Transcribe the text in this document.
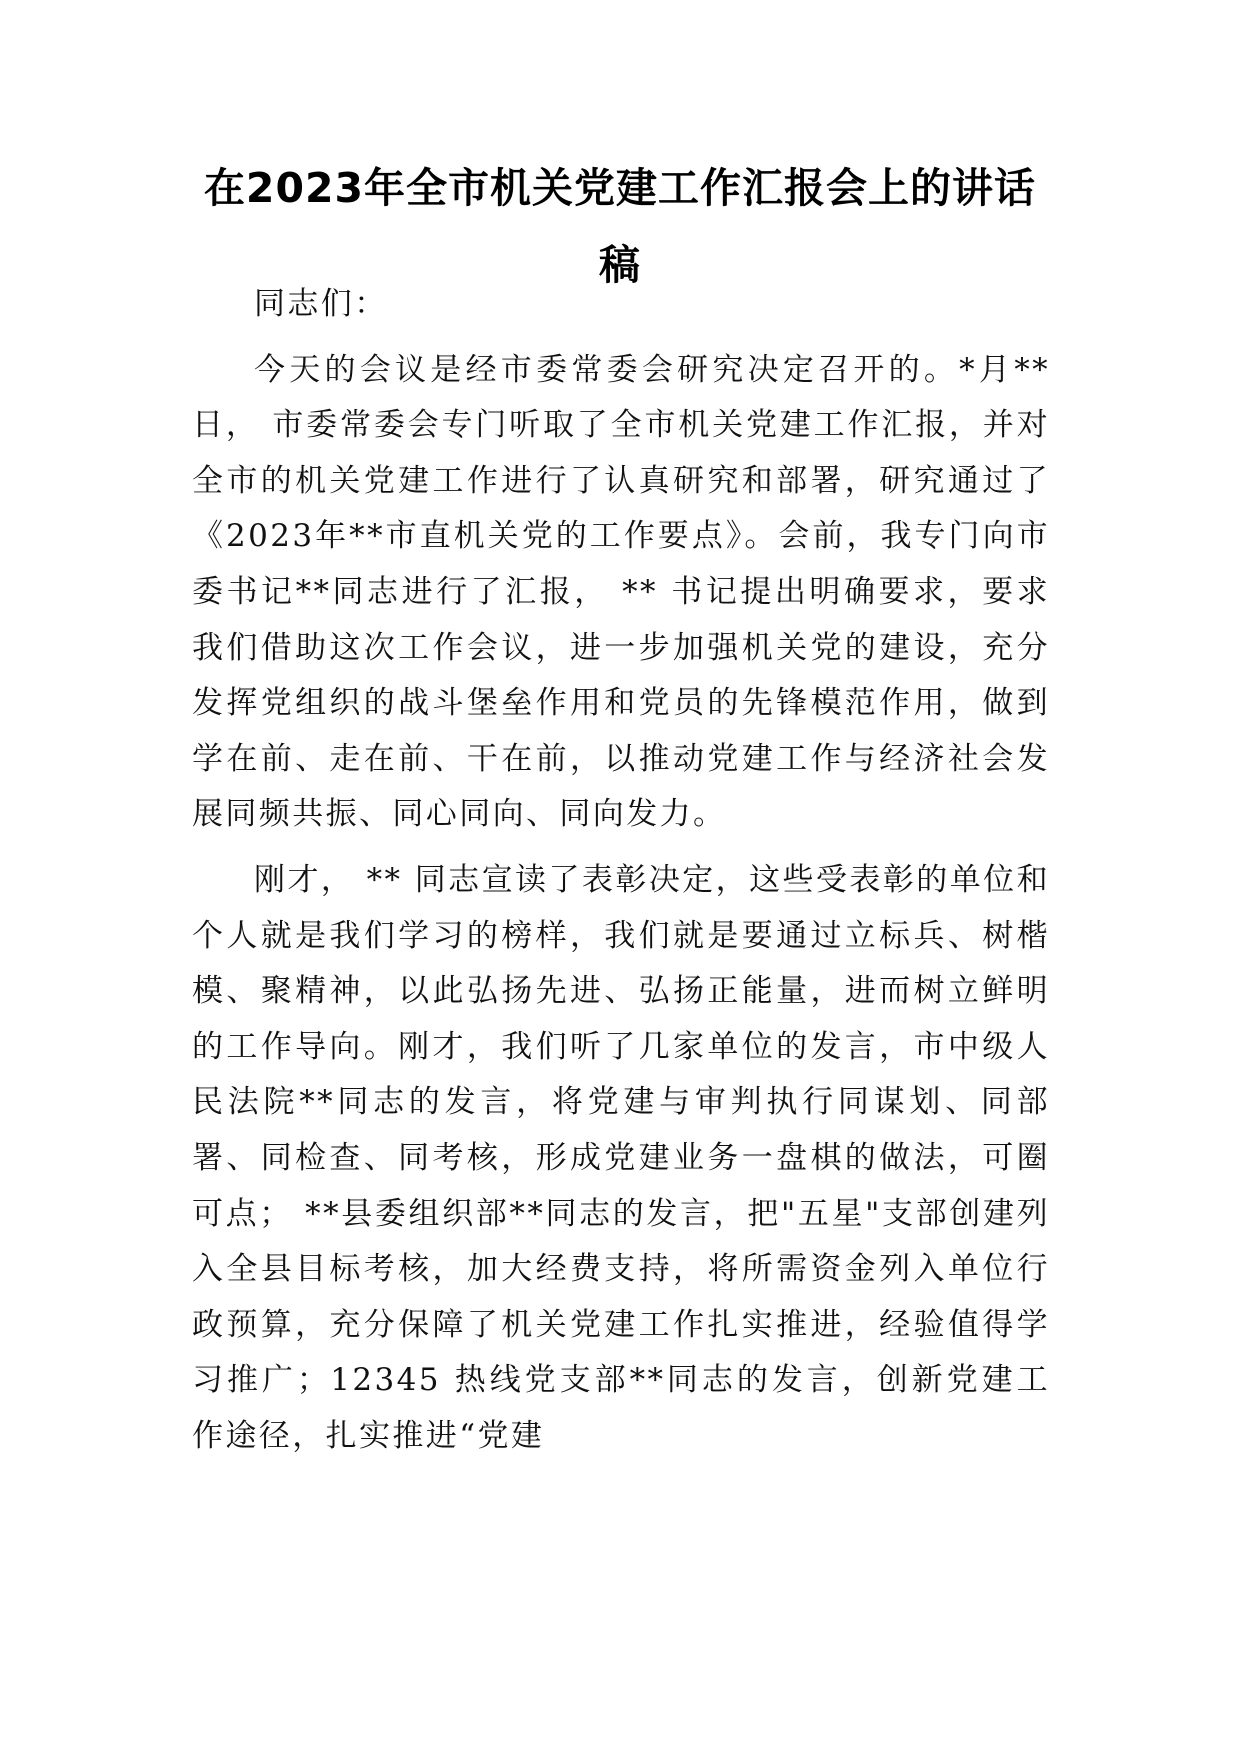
在2023年全市机关党建工作汇报会上的讲话稿

同志们：

今天的会议是经市委常委会研究决定召开的。*月** 日， 市委常委会专门听取了全市机关党建工作汇报，并对全市的机关党建工作进行了认真研究和部署，研究通过了《2023年**市直机关党的工作要点》。会前，我专门向市委书记**同志进行了汇报， ** 书记提出明确要求，要求我们借助这次工作会议，进一步加强机关党的建设，充分发挥党组织的战斗堡垒作用和党员的先锋模范作用，做到学在前、走在前、干在前，以推动党建工作与经济社会发展同频共振、同心同向、同向发力。

刚才， ** 同志宣读了表彰决定，这些受表彰的单位和个人就是我们学习的榜样，我们就是要通过立标兵、树楷模、聚精神，以此弘扬先进、弘扬正能量，进而树立鲜明的工作导向。刚才，我们听了几家单位的发言，市中级人民法院**同志的发言，将党建与审判执行同谋划、同部署、同检查、同考核，形成党建业务一盘棋的做法，可圈可点； **县委组织部**同志的发言，把"五星"支部创建列入全县目标考核，加大经费支持，将所需资金列入单位行政预算，充分保障了机关党建工作扎实推进，经验值得学习推广；12345 热线党支部**同志的发言，创新党建工作途径，扎实推进“党建
